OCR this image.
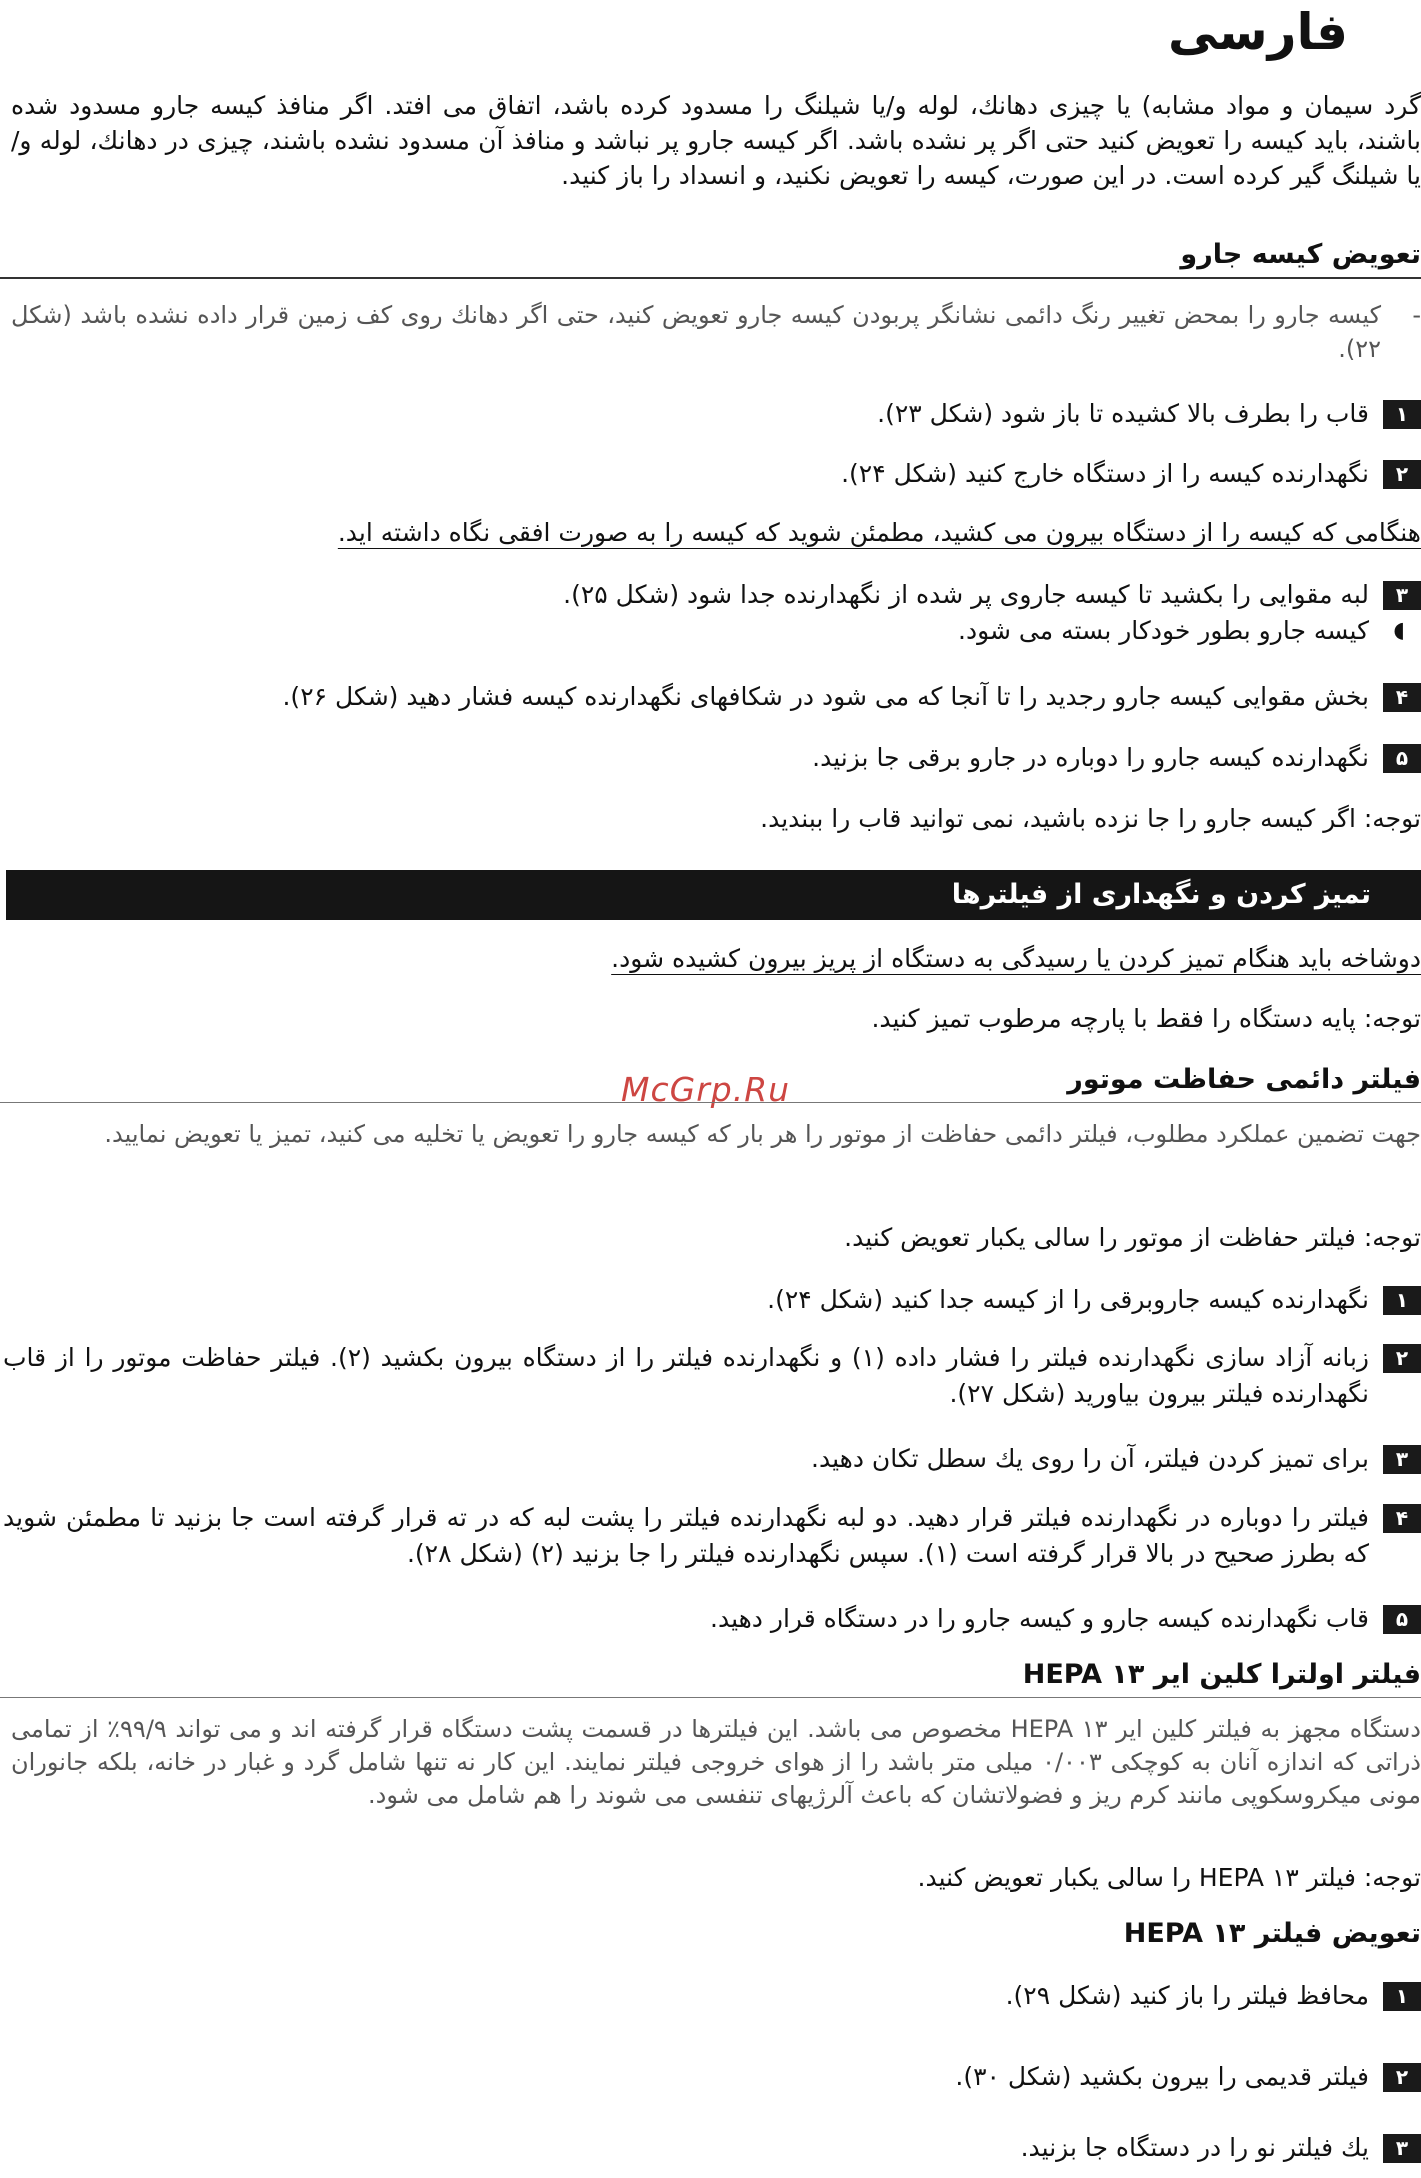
فارسی

گرد سیمان و مواد مشابه) یا چیزی دهانك، لوله و/یا شیلنگ را مسدود کرده باشد، اتفاق می افتد. اگر منافذ کیسه جارو مسدود شده باشند، باید کیسه را تعویض کنید حتی اگر پر نشده باشد. اگر کیسه جارو پر نباشد و منافذ آن مسدود نشده باشند، چیزی در دهانك، لوله و/یا شیلنگ گیر کرده است. در این صورت، کیسه را تعویض نکنید، و انسداد را باز کنید.

تعویض کیسه جارو
-
کیسه جارو را بمحض تغییر رنگ دائمی نشانگر پربودن کیسه جارو تعویض کنید، حتی اگر دهانك روی کف زمین قرار داده نشده باشد (شکل ۲۲).
۱

قاب را بطرف بالا کشیده تا باز شود (شکل ۲۳).

۲

نگهدارنده کیسه را از دستگاه خارج کنید (شکل ۲۴).

هنگامی که کیسه را از دستگاه بیرون می کشید، مطمئن شوید که کیسه را به صورت افقی نگاه داشته اید.

۳

لبه مقوایی را بکشید تا کیسه جاروی پر شده از نگهدارنده جدا شود (شکل ۲۵).
◖
کیسه جارو بطور خودکار بسته می شود.

۴

بخش مقوایی کیسه جارو رجدید را تا آنجا که می شود در شکافهای نگهدارنده کیسه فشار دهید (شکل ۲۶).

۵

نگهدارنده کیسه جارو را دوباره در جارو برقی جا بزنید.

توجه: اگر کیسه جارو را جا نزده باشید، نمی توانید قاب را ببندید.

تمیز کردن و نگهداری از فیلترها

دوشاخه باید هنگام تمیز کردن یا رسیدگی به دستگاه از پریز بیرون کشیده شود.

توجه: پایه دستگاه را فقط با پارچه مرطوب تمیز کنید.

فیلتر دائمی حفاظت موتور

McGrp.Ru

جهت تضمین عملکرد مطلوب، فیلتر دائمی حفاظت از موتور را هر بار که کیسه جارو را تعویض یا تخلیه می کنید، تمیز یا تعویض نمایید.

توجه: فیلتر حفاظت از موتور را سالی یکبار تعویض کنید.

۱

نگهدارنده کیسه جاروبرقی را از کیسه جدا کنید (شکل ۲۴).

۲

زبانه آزاد سازی نگهدارنده فیلتر را فشار داده (۱) و نگهدارنده فیلتر را از دستگاه بیرون بکشید (۲). فیلتر حفاظت موتور را از قاب نگهدارنده فیلتر بیرون بیاورید (شکل ۲۷).

۳

برای تمیز کردن فیلتر، آن را روی یك سطل تکان دهید.

۴

فیلتر را دوباره در نگهدارنده فیلتر قرار دهید. دو لبه نگهدارنده فیلتر را پشت لبه که در ته قرار گرفته است جا بزنید تا مطمئن شوید که بطرز صحیح در بالا قرار گرفته است (۱). سپس نگهدارنده فیلتر را جا بزنید (۲) (شکل ۲۸).

۵

قاب نگهدارنده کیسه جارو و کیسه جارو را در دستگاه قرار دهید.

فیلتر اولترا کلین ایر HEPA ۱۳

دستگاه مجهز به فیلتر کلین ایر HEPA ۱۳ مخصوص می باشد. این فیلترها در قسمت پشت دستگاه قرار گرفته اند و می تواند ۹۹/۹٪ از تمامی ذراتی که اندازه آنان به کوچکی ۰/۰۰۳ میلی متر باشد را از هوای خروجی فیلتر نمایند. این کار نه تنها شامل گرد و غبار در خانه، بلکه جانوران مونی میکروسکوپی مانند کرم ریز و فضولاتشان که باعث آلرژیهای تنفسی می شوند را هم شامل می شود.

توجه: فیلتر HEPA ۱۳ را سالی یکبار تعویض کنید.

تعویض فیلتر HEPA ۱۳
۱

محافظ فیلتر را باز کنید (شکل ۲۹).

۲

فیلتر قدیمی را بیرون بکشید (شکل ۳۰).

۳

یك فیلتر نو را در دستگاه جا بزنید.
